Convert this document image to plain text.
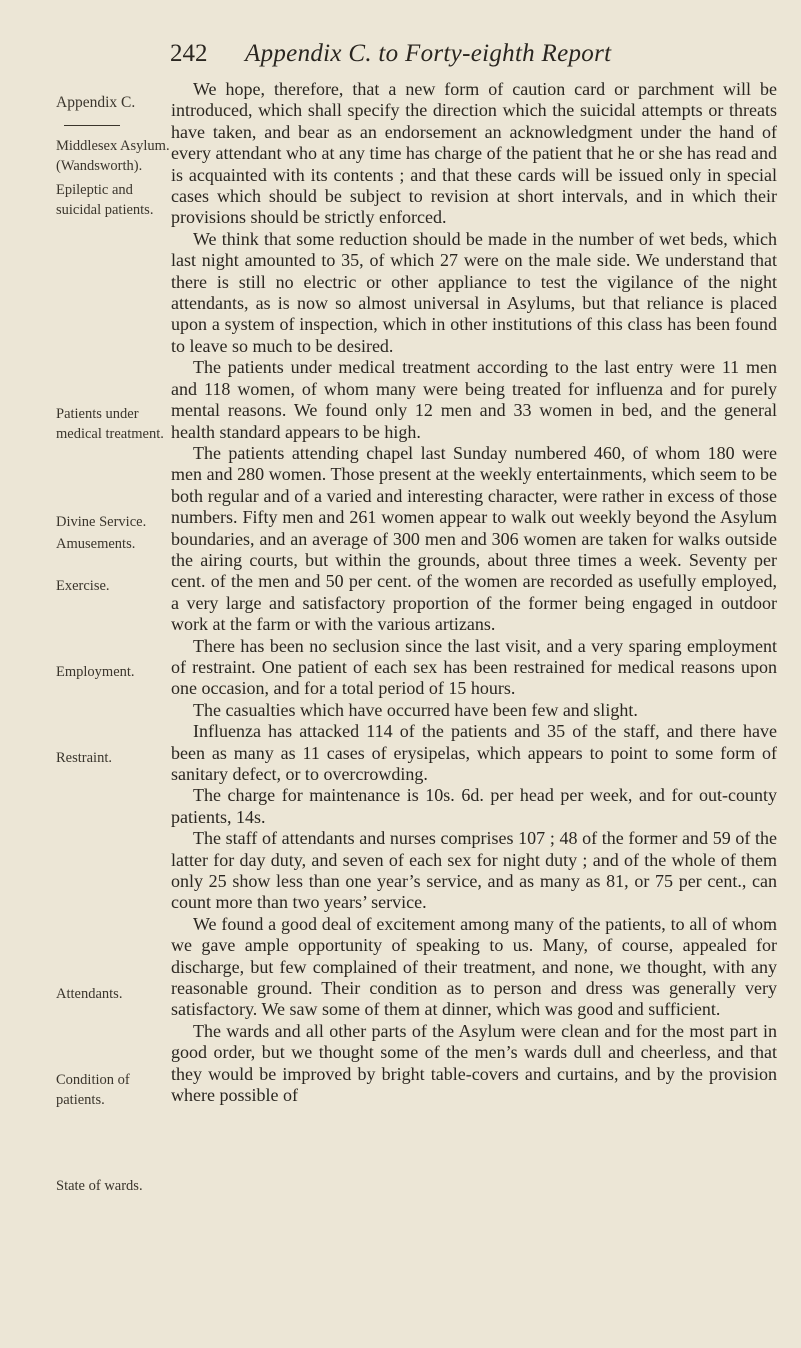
242 Appendix C. to Forty-eighth Report
Appendix C.
Middlesex Asylum. (Wandsworth).
Epileptic and suicidal patients.
Patients under medical treatment.
Divine Service.
Amusements.
Exercise.
Employment.
Restraint.
Attendants.
Condition of patients.
State of wards.

We hope, therefore, that a new form of caution card or parchment will be introduced, which shall specify the direction which the suicidal attempts or threats have taken, and bear as an endorsement an acknowledgment under the hand of every attendant who at any time has charge of the patient that he or she has read and is acquainted with its contents ; and that these cards will be issued only in special cases which should be subject to revision at short intervals, and in which their provisions should be strictly enforced.

We think that some reduction should be made in the number of wet beds, which last night amounted to 35, of which 27 were on the male side. We understand that there is still no electric or other appliance to test the vigilance of the night attendants, as is now so almost universal in Asylums, but that reliance is placed upon a system of inspection, which in other institutions of this class has been found to leave so much to be desired.

The patients under medical treatment according to the last entry were 11 men and 118 women, of whom many were being treated for influenza and for purely mental reasons. We found only 12 men and 33 women in bed, and the general health standard appears to be high.

The patients attending chapel last Sunday numbered 460, of whom 180 were men and 280 women. Those present at the weekly entertainments, which seem to be both regular and of a varied and interesting character, were rather in excess of those numbers. Fifty men and 261 women appear to walk out weekly beyond the Asylum boundaries, and an average of 300 men and 306 women are taken for walks outside the airing courts, but within the grounds, about three times a week. Seventy per cent. of the men and 50 per cent. of the women are recorded as usefully employed, a very large and satisfactory proportion of the former being engaged in outdoor work at the farm or with the various artizans.

There has been no seclusion since the last visit, and a very sparing employment of restraint. One patient of each sex has been restrained for medical reasons upon one occasion, and for a total period of 15 hours.

The casualties which have occurred have been few and slight.

Influenza has attacked 114 of the patients and 35 of the staff, and there have been as many as 11 cases of erysipelas, which appears to point to some form of sanitary defect, or to overcrowding.

The charge for maintenance is 10s. 6d. per head per week, and for out-county patients, 14s.

The staff of attendants and nurses comprises 107 ; 48 of the former and 59 of the latter for day duty, and seven of each sex for night duty ; and of the whole of them only 25 show less than one year’s service, and as many as 81, or 75 per cent., can count more than two years’ service.

We found a good deal of excitement among many of the patients, to all of whom we gave ample opportunity of speaking to us. Many, of course, appealed for discharge, but few complained of their treatment, and none, we thought, with any reasonable ground. Their condition as to person and dress was generally very satisfactory. We saw some of them at dinner, which was good and sufficient.

The wards and all other parts of the Asylum were clean and for the most part in good order, but we thought some of the men’s wards dull and cheerless, and that they would be improved by bright table-covers and curtains, and by the provision where possible of
